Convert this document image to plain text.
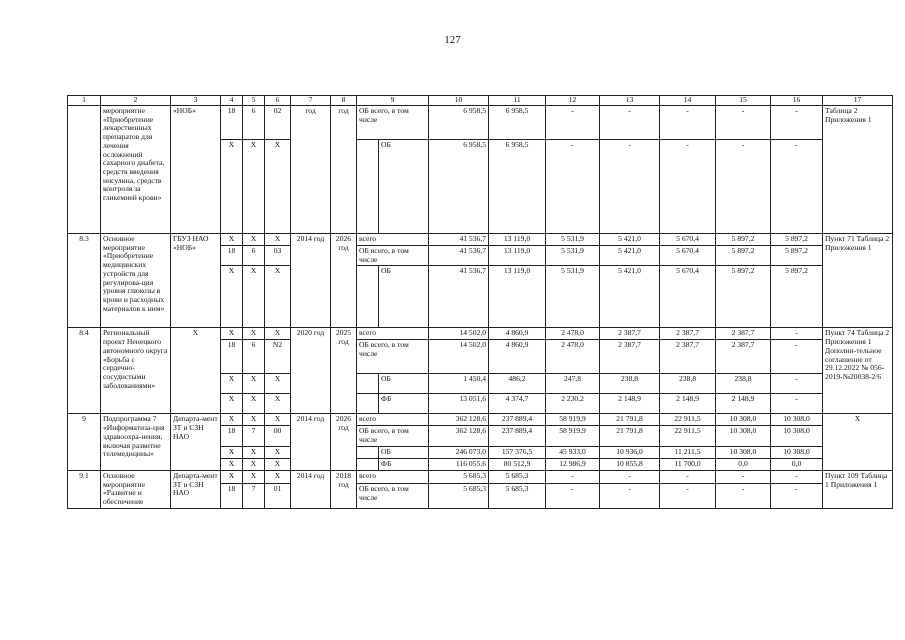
127
1	2	3	4	5	6	7	8	9		10	11	12	13	14	15	16	17
	мероприятие «Приобретение лекарственных препаратов для лечения осложнений сахарного диабета, средств введения инсулина, средств контроля за гликемией крови»	«НОБ»	18	6	02	год	год	ОБ всего, в том числе		6 958,5	6 958,5	-	-	-	-	-	Таблица 2 Приложения 1
			Х	Х	Х				ОБ	6 958,5	6 958,5	-	-	-	-	-	
8.3	Основное мероприятие «Приобретение медицинских устройств для регулирова-ция уровня глюкозы в крови и расходных материалов к ним»	ГБУЗ НАО «НОБ»	Х	Х	Х	2014 год	2026 год	всего		41 536,7	13 119,0	5 531,9	5 421,0	5 670,4	5 897,2	5 897,2	Пункт 71 Таблица 2 Приложения 1
			18	6	03			ОБ всего, в том числе		41 536,7	13 119,0	5 531,9	5 421,0	5 670,4	5 897,2	5 897,2	
			Х	Х	Х				ОБ	41 536,7	13 119,0	5 531,9	5 421,0	5 670,4	5 897,2	5 897,2	
8.4	Региональный проект Ненецкого автономного округа «Борьба с сердечно-сосудистыми заболеваниями»	Х	Х	Х	Х	2020 год	2025 год	всего		14 502,0	4 860,9	2 478,0	2 387,7	2 387,7	2 387,7	-	Пункт 74 Таблица 2 Приложения 1 Дополни-тельное соглашение от 29.12.2022 № 056-2019-№20038-2/6
			18	6	N2			ОБ всего, в том числе		14 502,0	4 860,9	2 478,0	2 387,7	2 387,7	2 387,7	-	
			Х	Х	Х				ОБ	1 450,4	486,2	247,8	238,8	238,8	238,8	-	
			Х	Х	Х				ФБ	13 051,6	4 374,7	2 230,2	2 148,9	2 148,9	2 148,9	-	
9	Подпрограмма 7 «Информатиза-ция здравоохра-нения, включая развитие телемедицины»	Департа-мент ЗТ и СЗН НАО	Х	Х	Х	2014 год	2026 год	всего		362 128,6	237 889,4	58 919,9	21 791,8	22 911,5	10 308,0	10 308,0	Х
			18	7	00			ОБ всего, в том числе		362 128,6	237 889,4	58 919,9	21 791,8	22 911,5	10 308,0	10 308,0	
			Х	Х	Х				ОБ	246 073,0	157 376,5	45 933,0	10 936,0	11 211,5	10 308,0	10 308,0	
			Х	Х	Х				ФБ	116 055,6	80 512,9	12 986,9	10 855,8	11 700,0	0,0	0,0	
9.1	Основное мероприятие «Развитие и обеспечение	Департа-мент ЗТ и СЗН НАО	Х	Х	Х	2014 год	2018 год	всего		5 685,3	5 685,3	-	-	-	-	-	Пункт 109 Таблица 1 Приложения 1
			18	7	01			ОБ всего, в том числе		5 685,3	5 685,3	-	-	-	-	-	
